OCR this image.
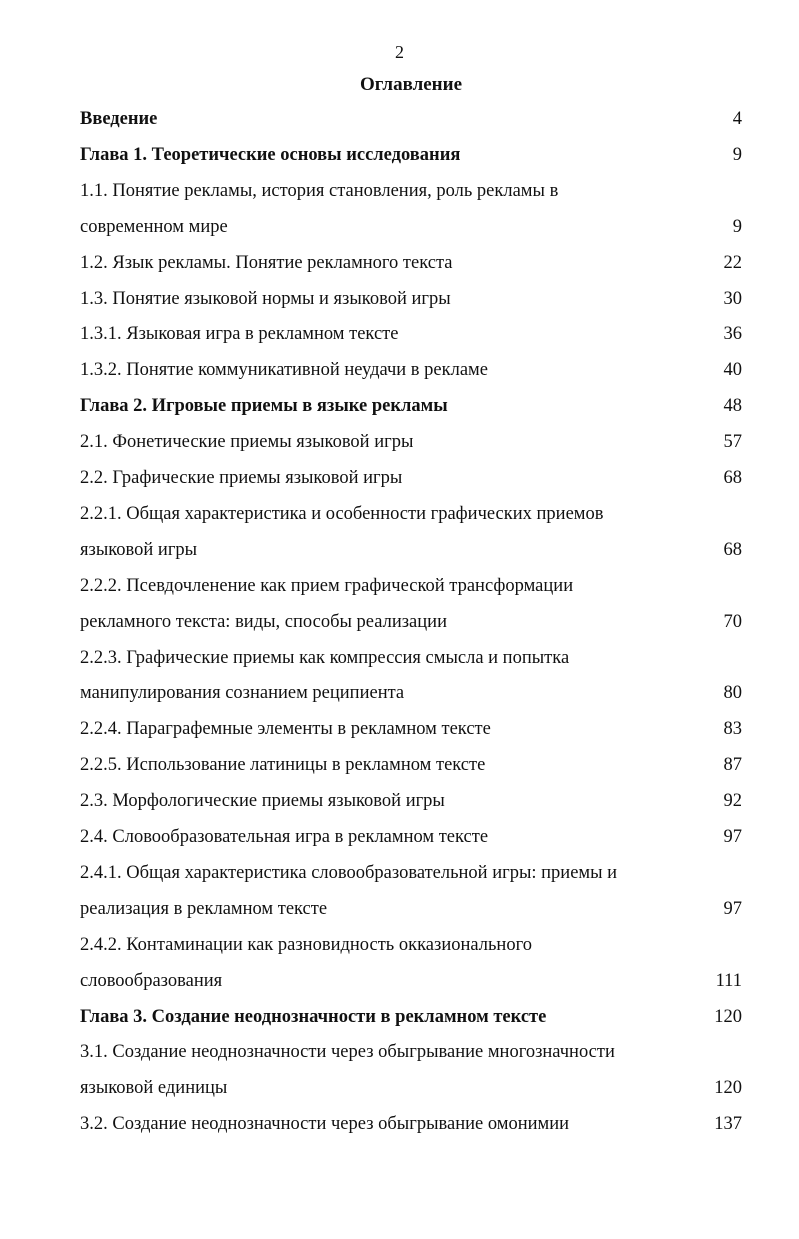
2
Оглавление
Введение	4
Глава 1. Теоретические основы исследования	9
1.1. Понятие рекламы, история становления, роль рекламы в
современном мире	9
1.2. Язык рекламы. Понятие рекламного текста	22
1.3. Понятие языковой нормы и языковой игры	30
1.3.1. Языковая игра в рекламном тексте	36
1.3.2. Понятие коммуникативной неудачи в рекламе	40
Глава 2. Игровые приемы в языке рекламы	48
2.1. Фонетические приемы языковой игры	57
2.2. Графические приемы языковой игры	68
2.2.1. Общая характеристика и особенности графических приемов
языковой игры	68
2.2.2. Псевдочленение как прием графической трансформации
рекламного текста: виды, способы реализации	70
2.2.3. Графические приемы как компрессия смысла и попытка
манипулирования сознанием реципиента	80
2.2.4. Параграфемные элементы в рекламном тексте	83
2.2.5. Использование латиницы в рекламном тексте	87
2.3. Морфологические приемы языковой игры	92
2.4. Словообразовательная игра в рекламном тексте	97
2.4.1. Общая характеристика словообразовательной игры: приемы и
реализация в рекламном тексте	97
2.4.2. Контаминации как разновидность окказионального
словообразования	111
Глава 3. Создание неоднозначности в рекламном тексте	120
3.1. Создание неоднозначности через обыгрывание многозначности
языковой единицы	120
3.2. Создание неоднозначности через обыгрывание омонимии	137
